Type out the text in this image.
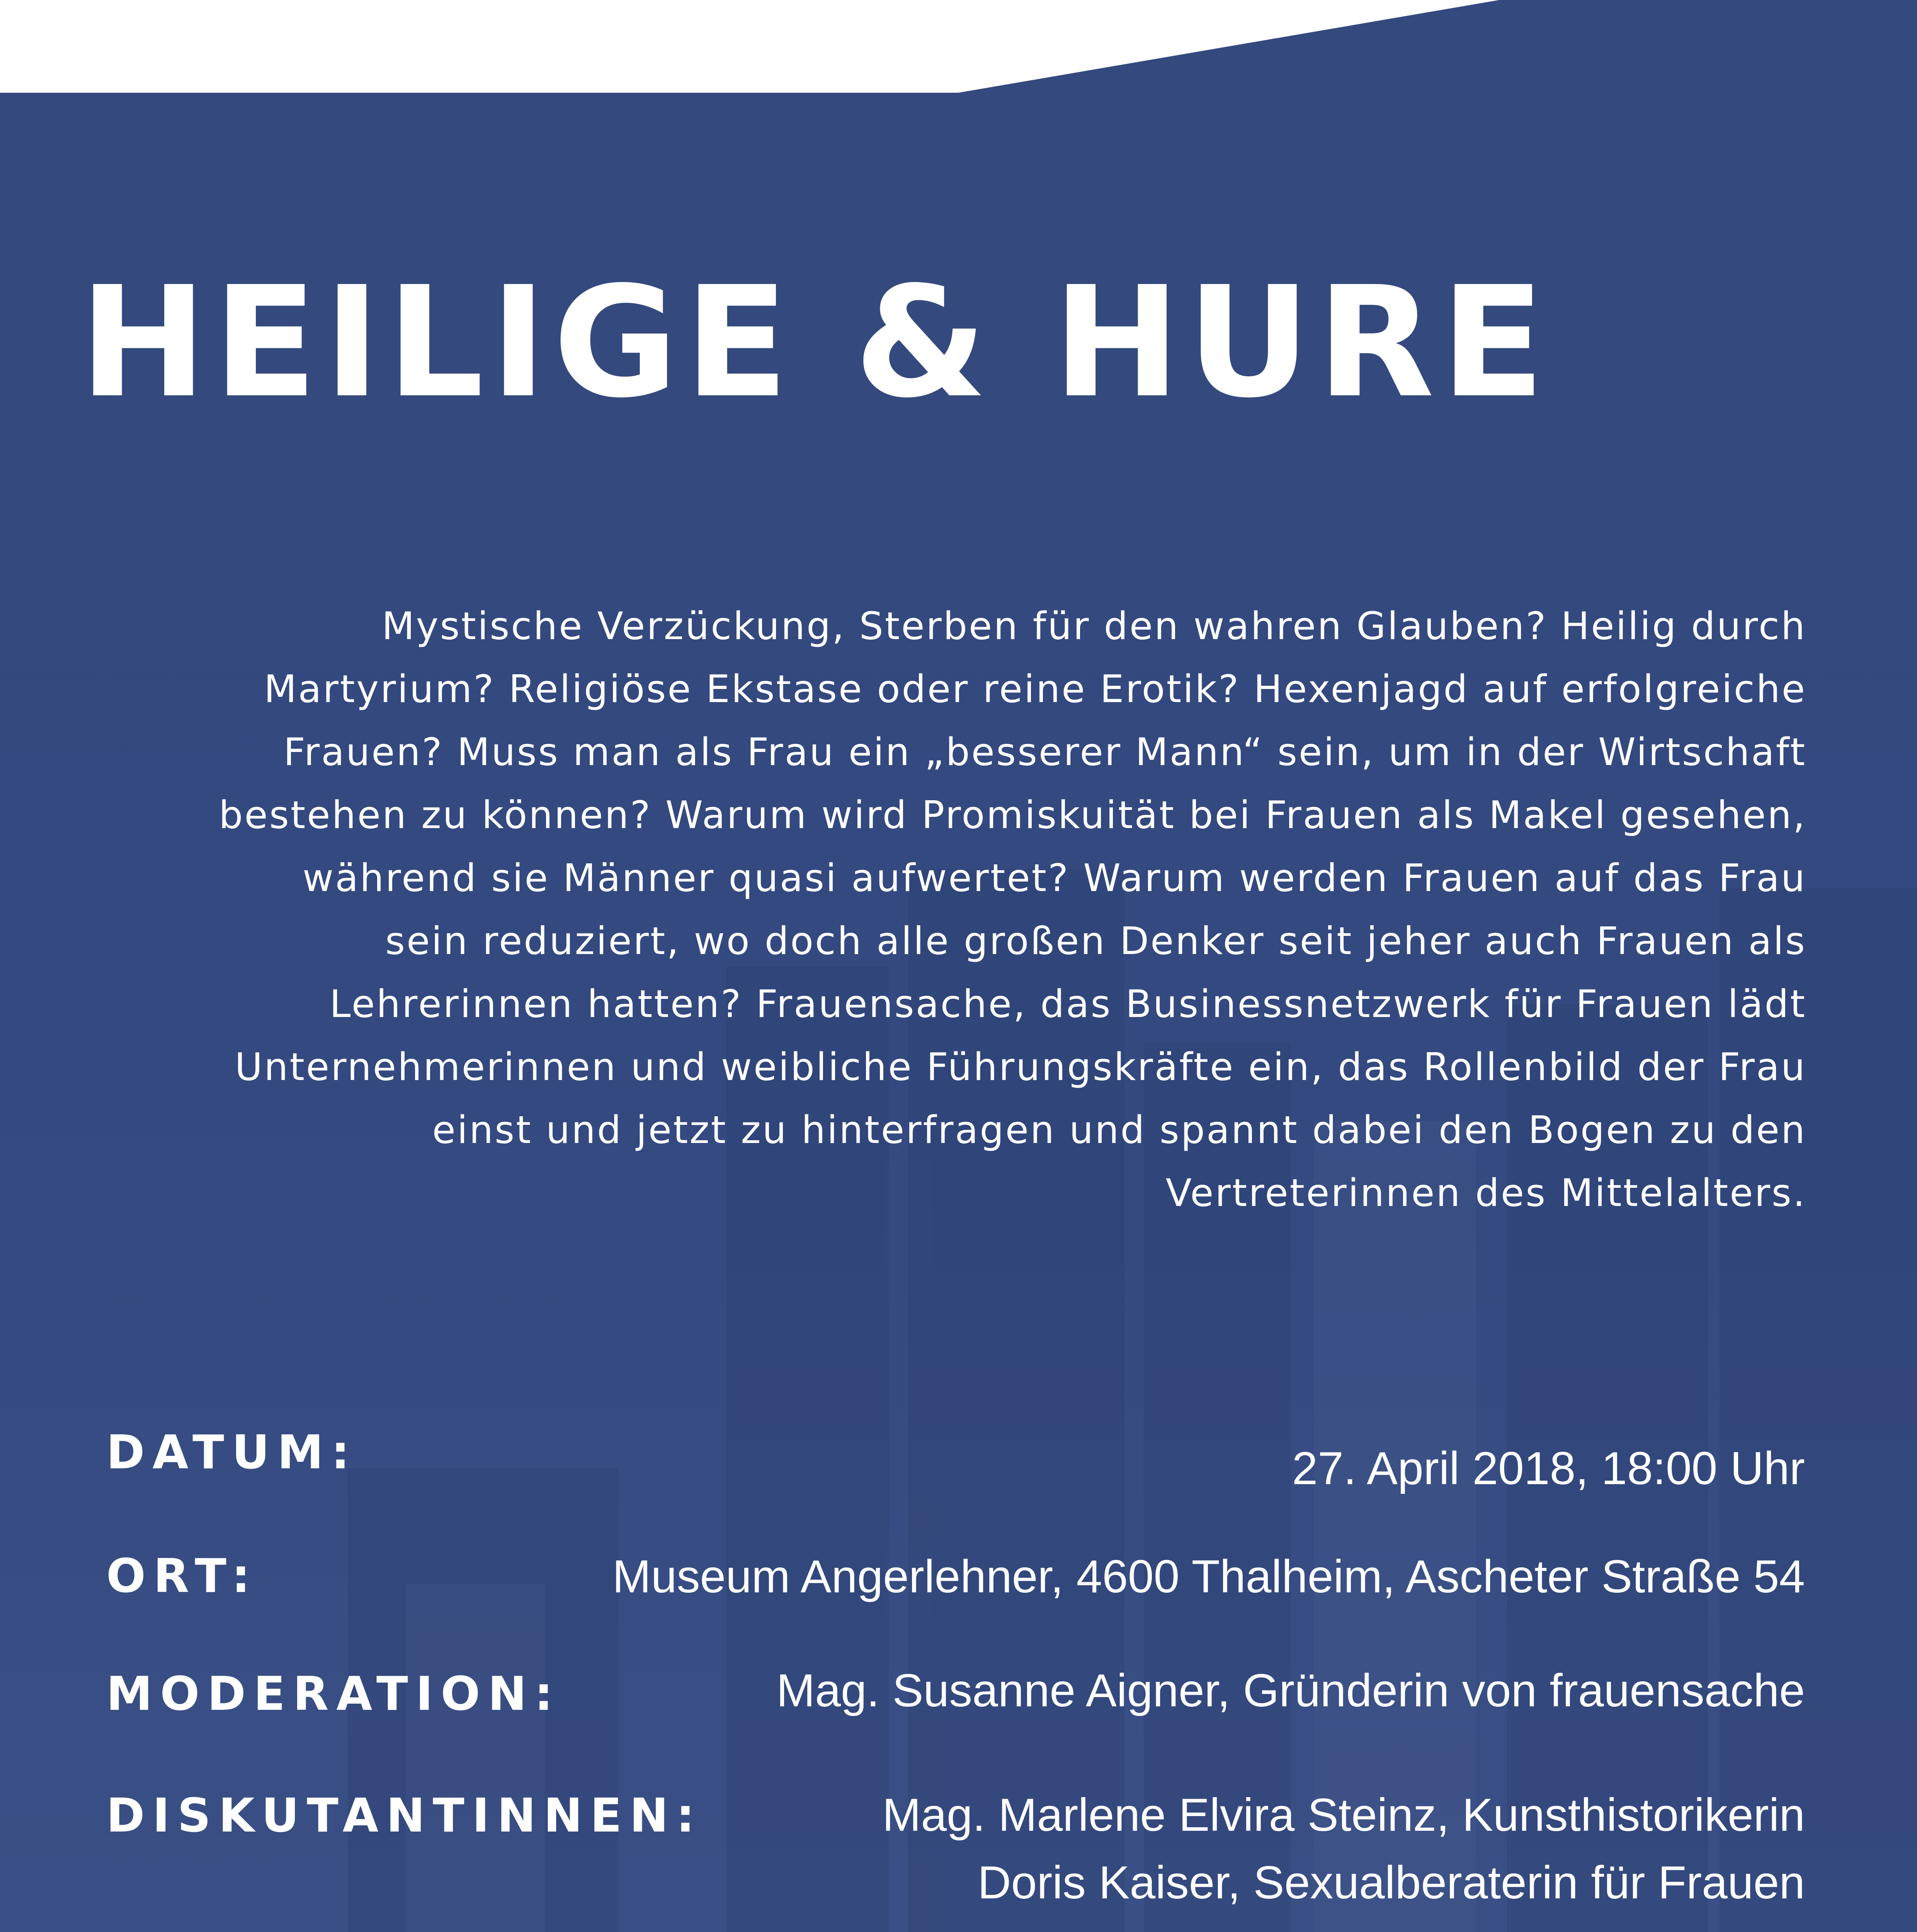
HEILIGE & HURE

Mystische Verzückung, Sterben für den wahren Glauben? Heilig durch
Martyrium? Religiöse Ekstase oder reine Erotik? Hexenjagd auf erfolgreiche
Frauen? Muss man als Frau ein „besserer Mann“ sein, um in der Wirtschaft
bestehen zu können? Warum wird Promiskuität bei Frauen als Makel gesehen,
während sie Männer quasi aufwertet? Warum werden Frauen auf das Frau
sein reduziert, wo doch alle großen Denker seit jeher auch Frauen als
Lehrerinnen hatten? Frauensache, das Businessnetzwerk für Frauen lädt
Unternehmerinnen und weibliche Führungskräfte ein, das Rollenbild der Frau
einst und jetzt zu hinterfragen und spannt dabei den Bogen zu den
Vertreterinnen des Mittelalters.

DATUM:	27. April 2018, 18:00 Uhr
ORT:	Museum Angerlehner, 4600 Thalheim, Ascheter Straße 54
MODERATION:	Mag. Susanne Aigner, Gründerin von frauensache
DISKUTANTINNEN:	Mag. Marlene Elvira Steinz, Kunsthistorikerin
Doris Kaiser, Sexualberaterin für Frauen
